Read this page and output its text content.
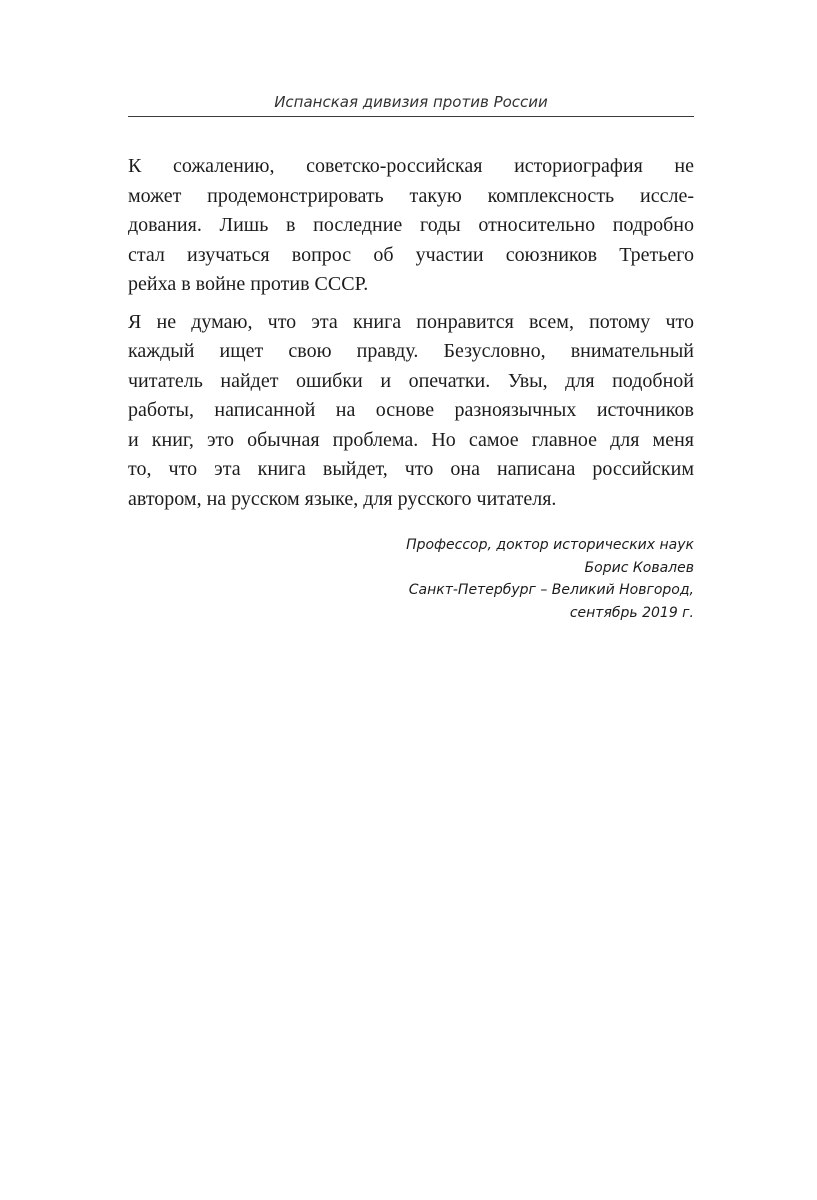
Испанская дивизия против России
К сожалению, советско-российская историография не
может продемонстрировать такую комплексность иссле-
дования. Лишь в последние годы относительно подробно
стал изучаться вопрос об участии союзников Третьего
рейха в войне против СССР.
Я не думаю, что эта книга понравится всем, потому что
каждый ищет свою правду. Безусловно, внимательный
читатель найдет ошибки и опечатки. Увы, для подобной
работы, написанной на основе разноязычных источников
и книг, это обычная проблема. Но самое главное для меня
то, что эта книга выйдет, что она написана российским
автором, на русском языке, для русского читателя.
Профессор, доктор исторических наук
Борис Ковалев
Санкт-Петербург – Великий Новгород,
сентябрь 2019 г.
